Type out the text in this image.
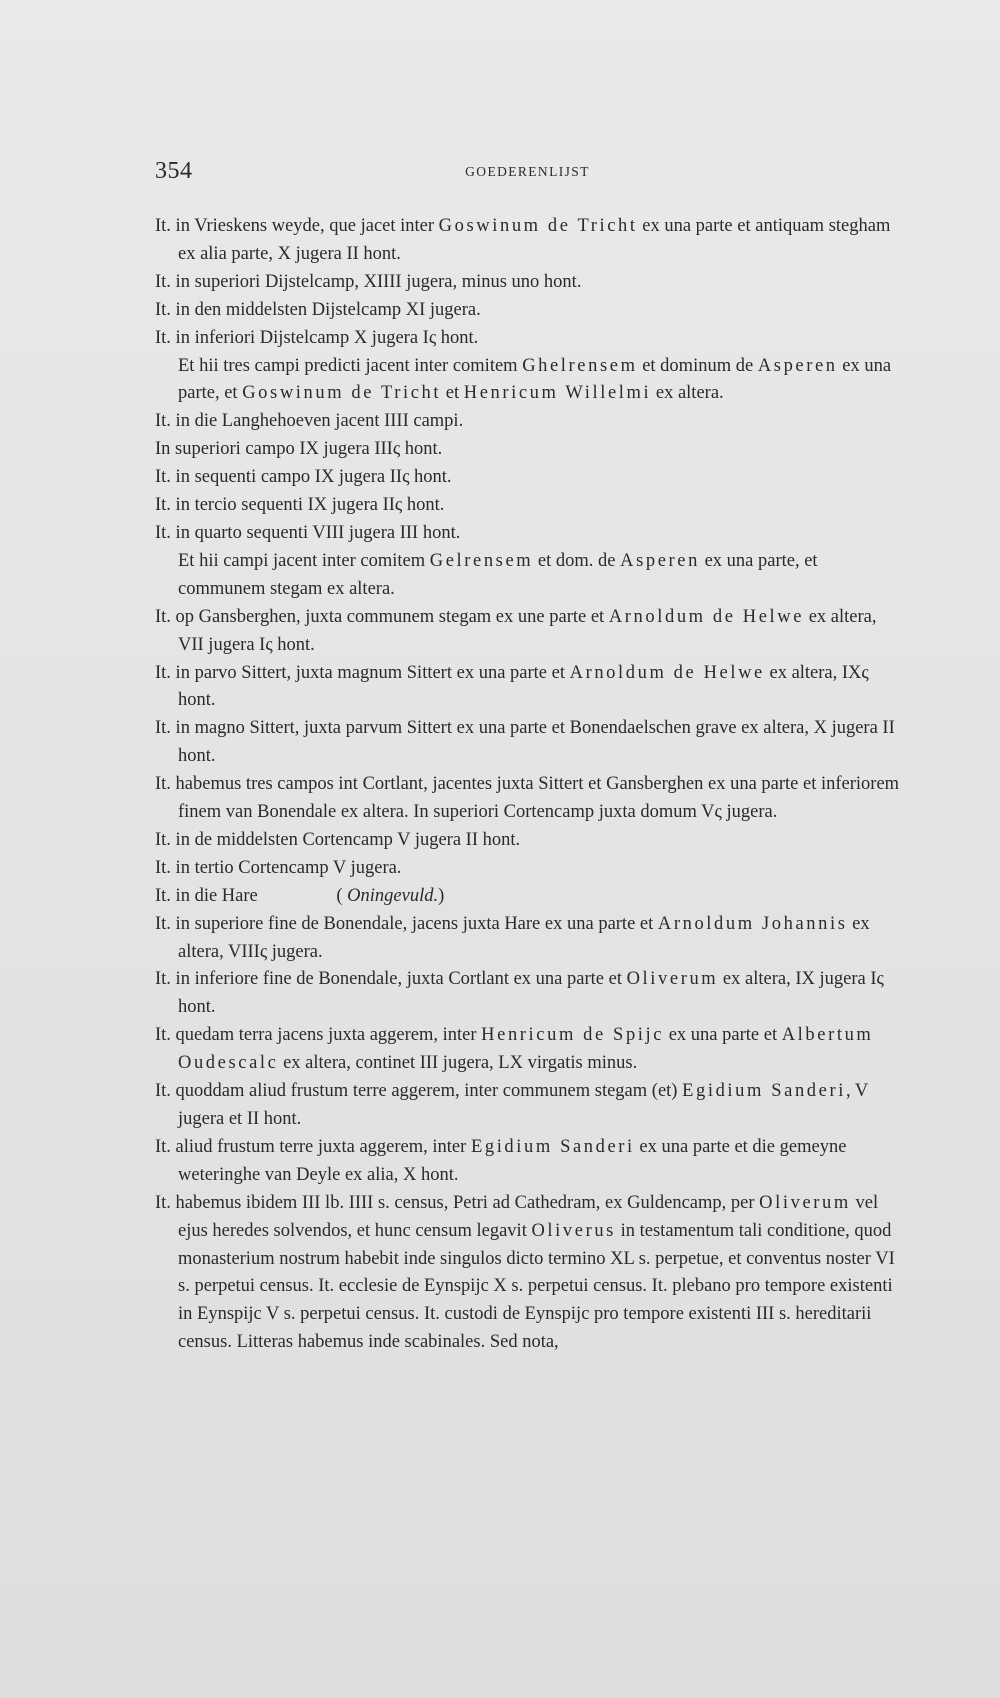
354	GOEDERENLIJST

It. in Vrieskens weyde, que jacet inter Goswinum de Tricht ex una parte et antiquam stegham ex alia parte, X jugera II hont.

It. in superiori Dijstelcamp, XIIII jugera, minus uno hont.

It. in den middelsten Dijstelcamp XI jugera.

It. in inferiori Dijstelcamp X jugera Iς hont.

Et hii tres campi predicti jacent inter comitem Ghelrensem et dominum de Asperen ex una parte, et Goswinum de Tricht et Henricum Willelmi ex altera.

It. in die Langhehoeven jacent IIII campi.

In superiori campo IX jugera IIIς hont.

It. in sequenti campo IX jugera IIς hont.

It. in tercio sequenti IX jugera IIς hont.

It. in quarto sequenti VIII jugera III hont.

Et hii campi jacent inter comitem Gelrensem et dom. de Asperen ex una parte, et communem stegam ex altera.

It. op Gansberghen, juxta communem stegam ex une parte et Arnoldum de Helwe ex altera, VII jugera Iς hont.

It. in parvo Sittert, juxta magnum Sittert ex una parte et Arnoldum de Helwe ex altera, IXς hont.

It. in magno Sittert, juxta parvum Sittert ex una parte et Bonendaelschen grave ex altera, X jugera II hont.

It. habemus tres campos int Cortlant, jacentes juxta Sittert et Gansberghen ex una parte et inferiorem finem van Bonendale ex altera. In superiori Cortencamp juxta domum Vς jugera.

It. in de middelsten Cortencamp V jugera II hont.

It. in tertio Cortencamp V jugera.

It. in die Hare                 ( Oningevuld.)

It. in superiore fine de Bonendale, jacens juxta Hare ex una parte et Arnoldum Johannis ex altera, VIIIς jugera.

It. in inferiore fine de Bonendale, juxta Cortlant ex una parte et Oliverum ex altera, IX jugera Iς hont.

It. quedam terra jacens juxta aggerem, inter Henricum de Spijc ex una parte et Albertum Oudescalc ex altera, continet III jugera, LX virgatis minus.

It. quoddam aliud frustum terre aggerem, inter communem stegam (et) Egidium Sanderi, V jugera et II hont.

It. aliud frustum terre juxta aggerem, inter Egidium Sanderi ex una parte et die gemeyne weteringhe van Deyle ex alia, X hont.

It. habemus ibidem III lb. IIII s. census, Petri ad Cathedram, ex Guldencamp, per Oliverum vel ejus heredes solvendos, et hunc censum legavit Oliverus in testamentum tali conditione, quod monasterium nostrum habebit inde singulos dicto termino XL s. perpetue, et conventus noster VI s. perpetui census. It. ecclesie de Eynspijc X s. perpetui census. It. plebano pro tempore existenti in Eynspijc V s. perpetui census. It. custodi de Eynspijc pro tempore existenti III s. hereditarii census. Litteras habemus inde scabinales. Sed nota,
